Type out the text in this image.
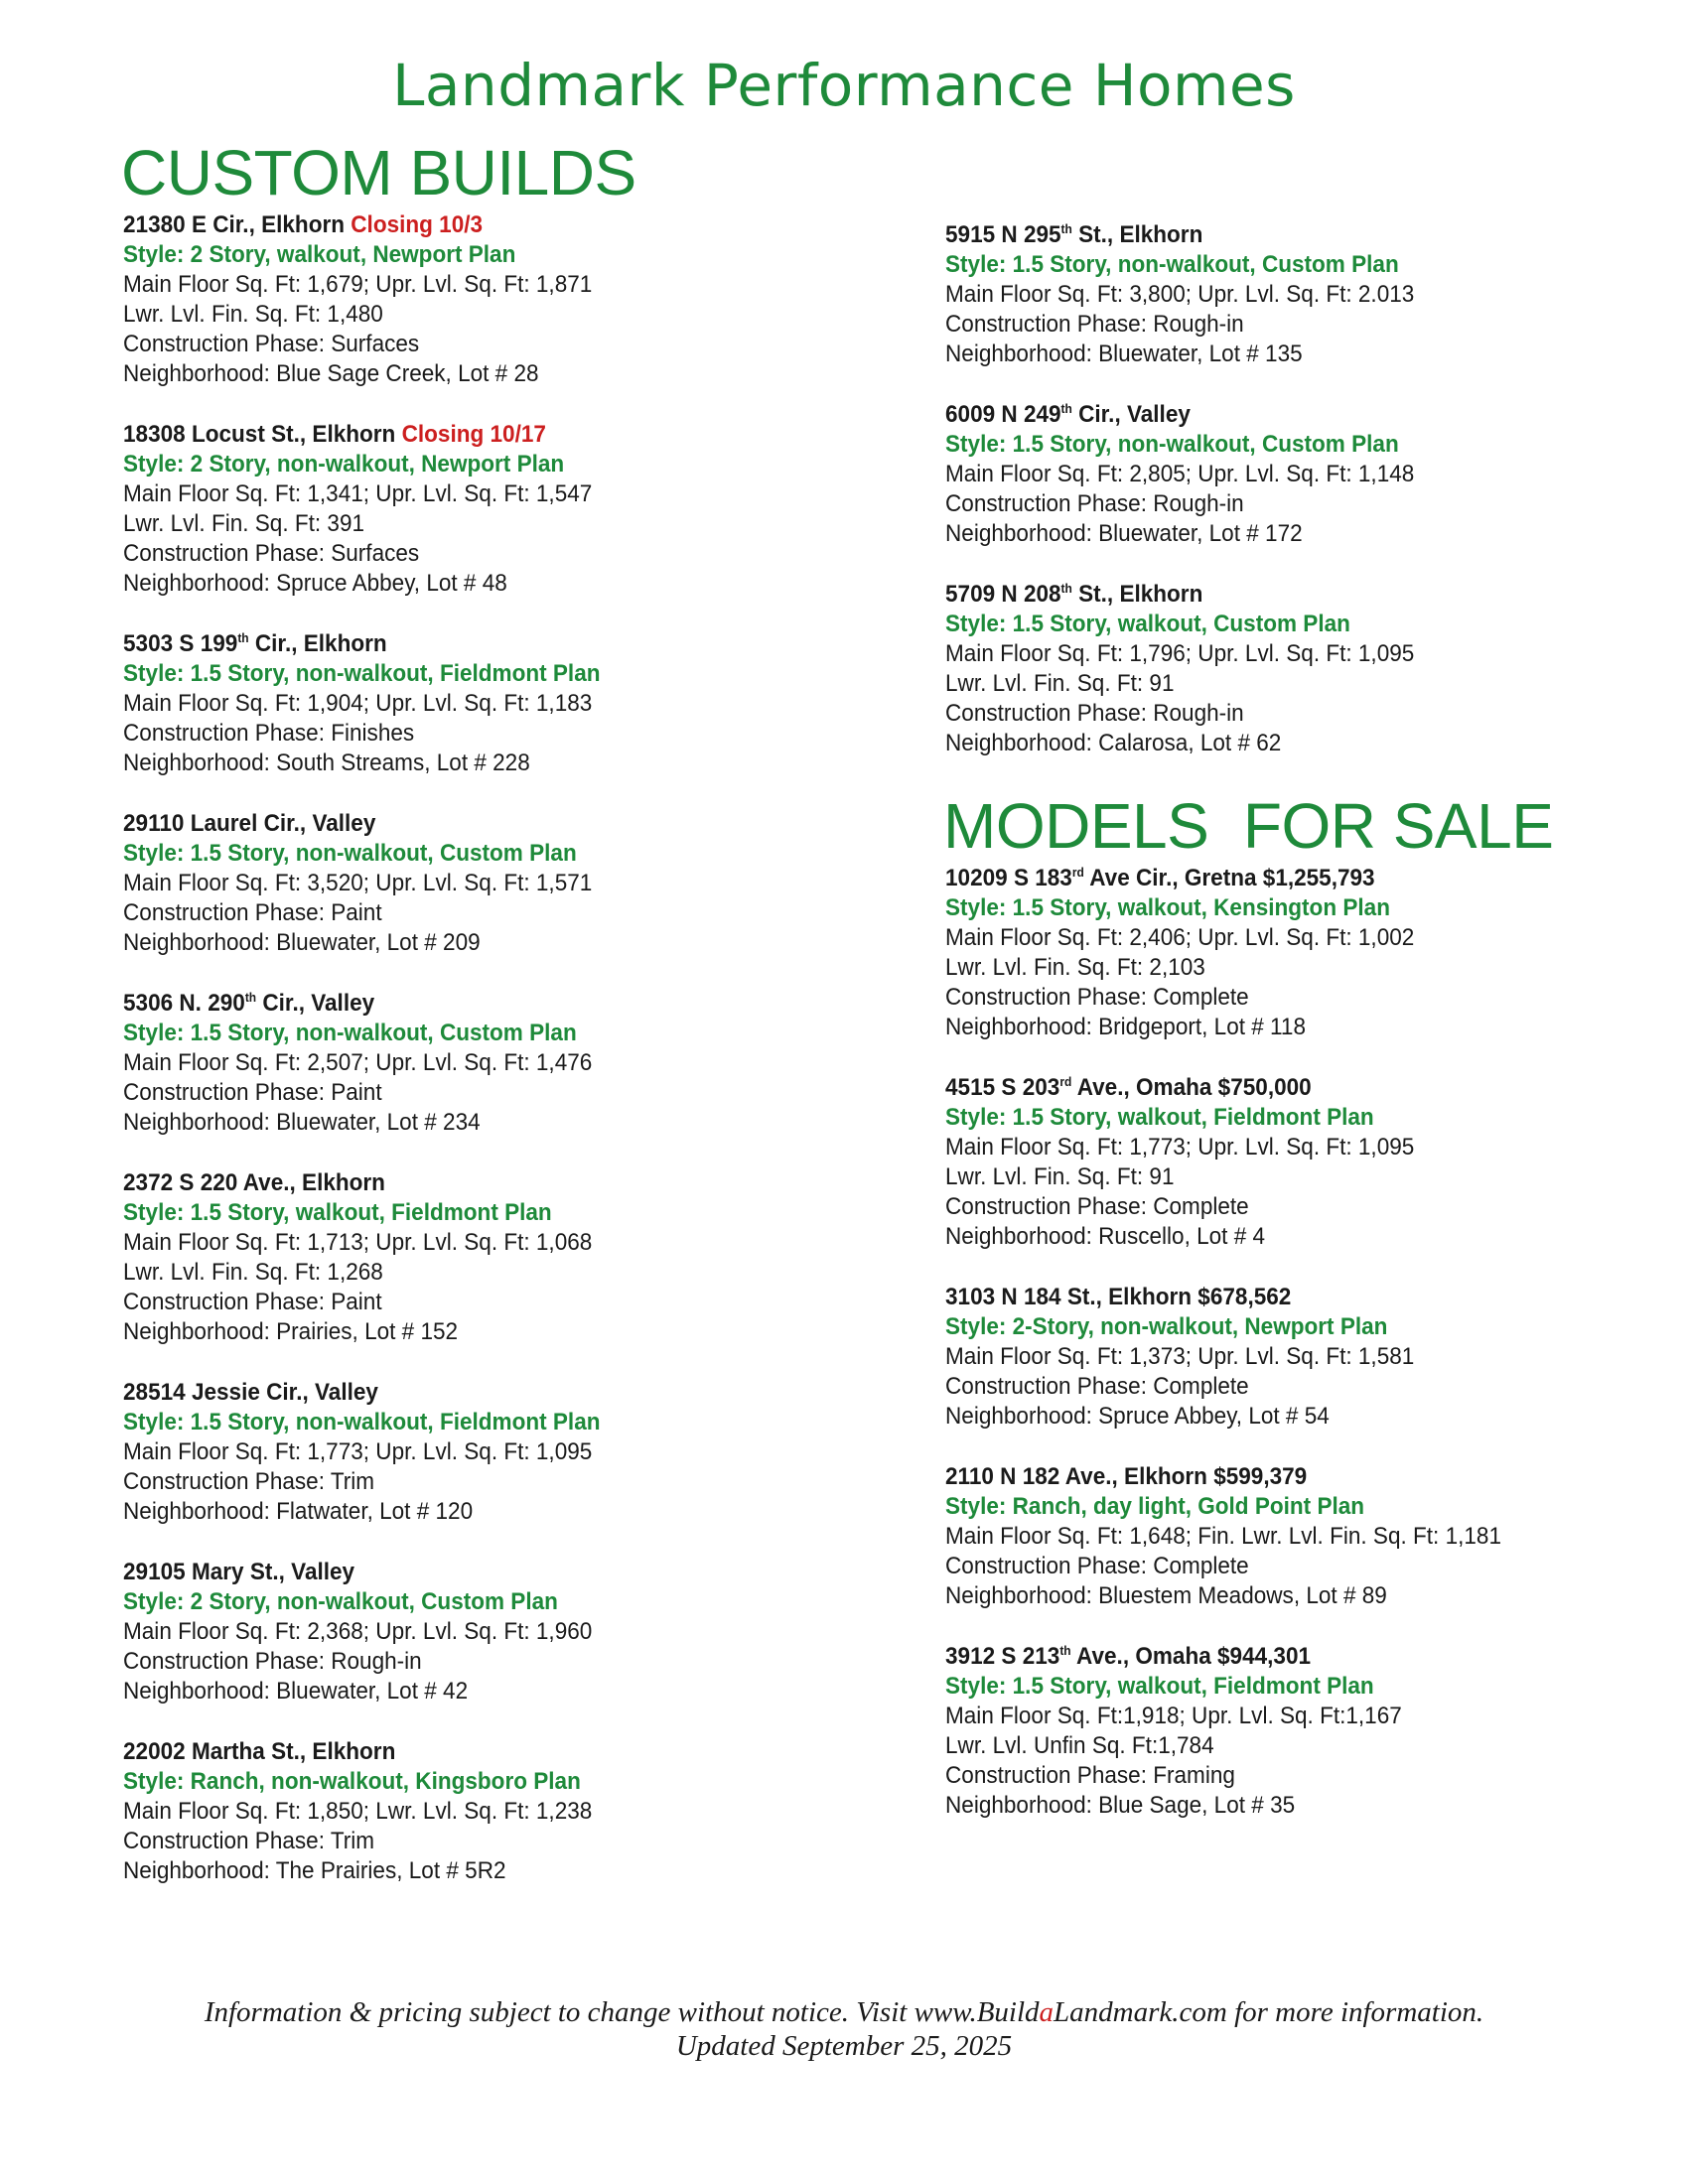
Landmark Performance Homes
CUSTOM BUILDS
21380 E Cir., Elkhorn Closing 10/3
Style: 2 Story, walkout, Newport Plan
Main Floor Sq. Ft: 1,679; Upr. Lvl. Sq. Ft: 1,871
Lwr. Lvl. Fin. Sq. Ft: 1,480
Construction Phase: Surfaces
Neighborhood: Blue Sage Creek, Lot # 28
18308 Locust St., Elkhorn Closing 10/17
Style: 2 Story, non-walkout, Newport Plan
Main Floor Sq. Ft: 1,341; Upr. Lvl. Sq. Ft: 1,547
Lwr. Lvl. Fin. Sq. Ft: 391
Construction Phase: Surfaces
Neighborhood: Spruce Abbey, Lot # 48
5303 S 199th Cir., Elkhorn
Style: 1.5 Story, non-walkout, Fieldmont Plan
Main Floor Sq. Ft: 1,904; Upr. Lvl. Sq. Ft: 1,183
Construction Phase: Finishes
Neighborhood: South Streams, Lot # 228
29110 Laurel Cir., Valley
Style: 1.5 Story, non-walkout, Custom Plan
Main Floor Sq. Ft: 3,520; Upr. Lvl. Sq. Ft: 1,571
Construction Phase: Paint
Neighborhood: Bluewater, Lot # 209
5306 N. 290th Cir., Valley
Style: 1.5 Story, non-walkout, Custom Plan
Main Floor Sq. Ft: 2,507; Upr. Lvl. Sq. Ft: 1,476
Construction Phase: Paint
Neighborhood: Bluewater, Lot # 234
2372 S 220 Ave., Elkhorn
Style: 1.5 Story, walkout, Fieldmont Plan
Main Floor Sq. Ft: 1,713; Upr. Lvl. Sq. Ft: 1,068
Lwr. Lvl. Fin. Sq. Ft: 1,268
Construction Phase: Paint
Neighborhood: Prairies, Lot # 152
28514 Jessie Cir., Valley
Style: 1.5 Story, non-walkout, Fieldmont Plan
Main Floor Sq. Ft: 1,773; Upr. Lvl. Sq. Ft: 1,095
Construction Phase: Trim
Neighborhood: Flatwater, Lot # 120
29105 Mary St., Valley
Style: 2 Story, non-walkout, Custom Plan
Main Floor Sq. Ft: 2,368; Upr. Lvl. Sq. Ft: 1,960
Construction Phase: Rough-in
Neighborhood: Bluewater, Lot # 42
22002 Martha St., Elkhorn
Style: Ranch, non-walkout, Kingsboro Plan
Main Floor Sq. Ft: 1,850; Lwr. Lvl. Sq. Ft: 1,238
Construction Phase: Trim
Neighborhood: The Prairies, Lot # 5R2
5915 N 295th St., Elkhorn
Style: 1.5 Story, non-walkout, Custom Plan
Main Floor Sq. Ft: 3,800; Upr. Lvl. Sq. Ft: 2.013
Construction Phase: Rough-in
Neighborhood: Bluewater, Lot # 135
6009 N 249th Cir., Valley
Style: 1.5 Story, non-walkout, Custom Plan
Main Floor Sq. Ft: 2,805; Upr. Lvl. Sq. Ft: 1,148
Construction Phase: Rough-in
Neighborhood: Bluewater, Lot # 172
5709 N 208th St., Elkhorn
Style: 1.5 Story, walkout, Custom Plan
Main Floor Sq. Ft: 1,796; Upr. Lvl. Sq. Ft: 1,095
Lwr. Lvl. Fin. Sq. Ft: 91
Construction Phase: Rough-in
Neighborhood: Calarosa, Lot # 62
MODELS  FOR SALE
10209 S 183rd Ave Cir., Gretna $1,255,793
Style: 1.5 Story, walkout, Kensington Plan
Main Floor Sq. Ft: 2,406; Upr. Lvl. Sq. Ft: 1,002
Lwr. Lvl. Fin. Sq. Ft: 2,103
Construction Phase: Complete
Neighborhood: Bridgeport, Lot # 118
4515 S 203rd Ave., Omaha $750,000
Style: 1.5 Story, walkout, Fieldmont Plan
Main Floor Sq. Ft: 1,773; Upr. Lvl. Sq. Ft: 1,095
Lwr. Lvl. Fin. Sq. Ft: 91
Construction Phase: Complete
Neighborhood: Ruscello, Lot # 4
3103 N 184 St., Elkhorn $678,562
Style: 2-Story, non-walkout, Newport Plan
Main Floor Sq. Ft: 1,373; Upr. Lvl. Sq. Ft: 1,581
Construction Phase: Complete
Neighborhood: Spruce Abbey, Lot # 54
2110 N 182 Ave., Elkhorn $599,379
Style: Ranch, day light, Gold Point Plan
Main Floor Sq. Ft: 1,648; Fin. Lwr. Lvl. Fin. Sq. Ft: 1,181
Construction Phase: Complete
Neighborhood: Bluestem Meadows, Lot # 89
3912 S 213th Ave., Omaha $944,301
Style: 1.5 Story, walkout, Fieldmont Plan
Main Floor Sq. Ft:1,918; Upr. Lvl. Sq. Ft:1,167
Lwr. Lvl. Unfin Sq. Ft:1,784
Construction Phase: Framing
Neighborhood: Blue Sage, Lot # 35
Information & pricing subject to change without notice. Visit www.BuildaLandmark.com for more information.
Updated September 25, 2025
